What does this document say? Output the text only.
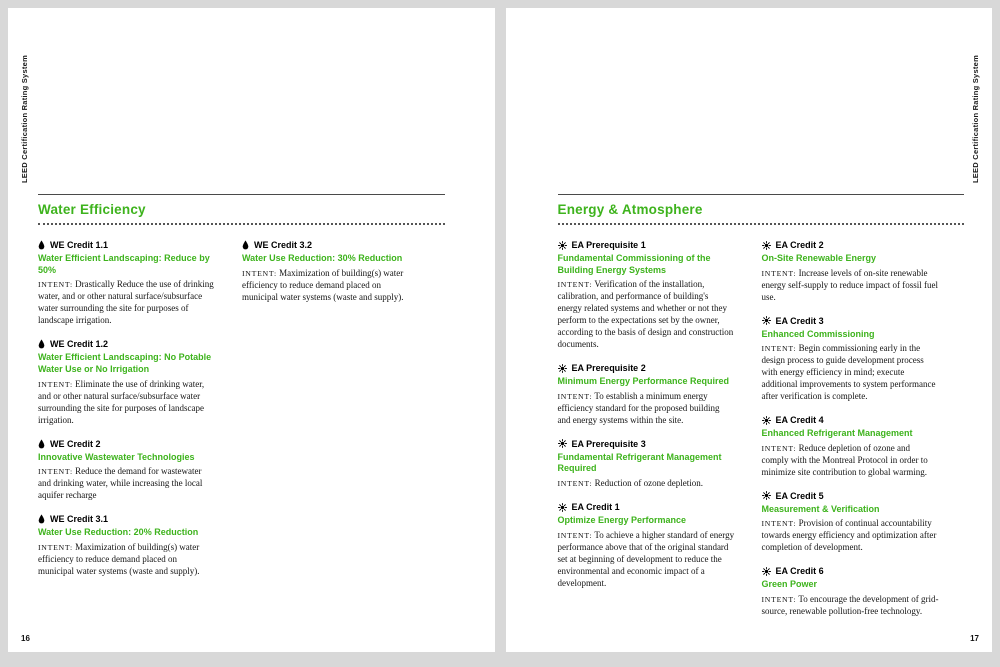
LEED Certification Rating System
Water Efficiency
WE Credit 1.1
Water Efficient Landscaping: Reduce by 50%

INTENT: Drastically Reduce the use of drinking water, and or other natural surface/subsurface water surrounding the site for purposes of landscape irrigation.

WE Credit 1.2
Water Efficient Landscaping: No Potable Water Use or No Irrigation

INTENT: Eliminate the use of drinking water, and or other natural surface/subsurface water surrounding the site for purposes of landscape irrigation.

WE Credit 2
Innovative Wastewater Technologies

INTENT: Reduce the demand for wastewater and drinking water, while increasing the local aquifer recharge

WE Credit 3.1
Water Use Reduction: 20% Reduction

INTENT: Maximization of building(s) water efficiency to reduce demand placed on municipal water systems (waste and supply).

WE Credit 3.2
Water Use Reduction: 30% Reduction

INTENT: Maximization of building(s) water efficiency to reduce demand placed on municipal water systems (waste and supply).

16
LEED Certification Rating System
Energy & Atmosphere
EA Prerequisite 1
Fundamental Commissioning of the Building Energy Systems

INTENT: Verification of the installation, calibration, and performance of building's energy related systems and whether or not they perform to the expectations set by the owner, according to the basis of design and construction documents.

EA Prerequisite 2
Minimum Energy Performance Required

INTENT: To establish a minimum energy efficiency standard for the proposed building and energy systems within the site.

EA Prerequisite 3
Fundamental Refrigerant Management Required

INTENT: Reduction of ozone depletion.

EA Credit 1
Optimize Energy Performance

INTENT: To achieve a higher standard of energy performance above that of the original standard set at beginning of development to reduce the environmental and economic impact of a development.

EA Credit 2
On-Site Renewable Energy

INTENT: Increase levels of on-site renewable energy self-supply to reduce impact of fossil fuel use.

EA Credit 3
Enhanced Commissioning

INTENT: Begin commissioning early in the design process to guide development process with energy efficiency in mind; execute additional improvements to system performance after verification is complete.

EA Credit 4
Enhanced Refrigerant Management

INTENT: Reduce depletion of ozone and comply with the Montreal Protocol in order to minimize site contribution to global warming.

EA Credit 5
Measurement & Verification

INTENT: Provision of continual accountability towards energy efficiency and optimization after completion of development.

EA Credit 6
Green Power

INTENT: To encourage the development of grid-source, renewable pollution-free technology.

17
